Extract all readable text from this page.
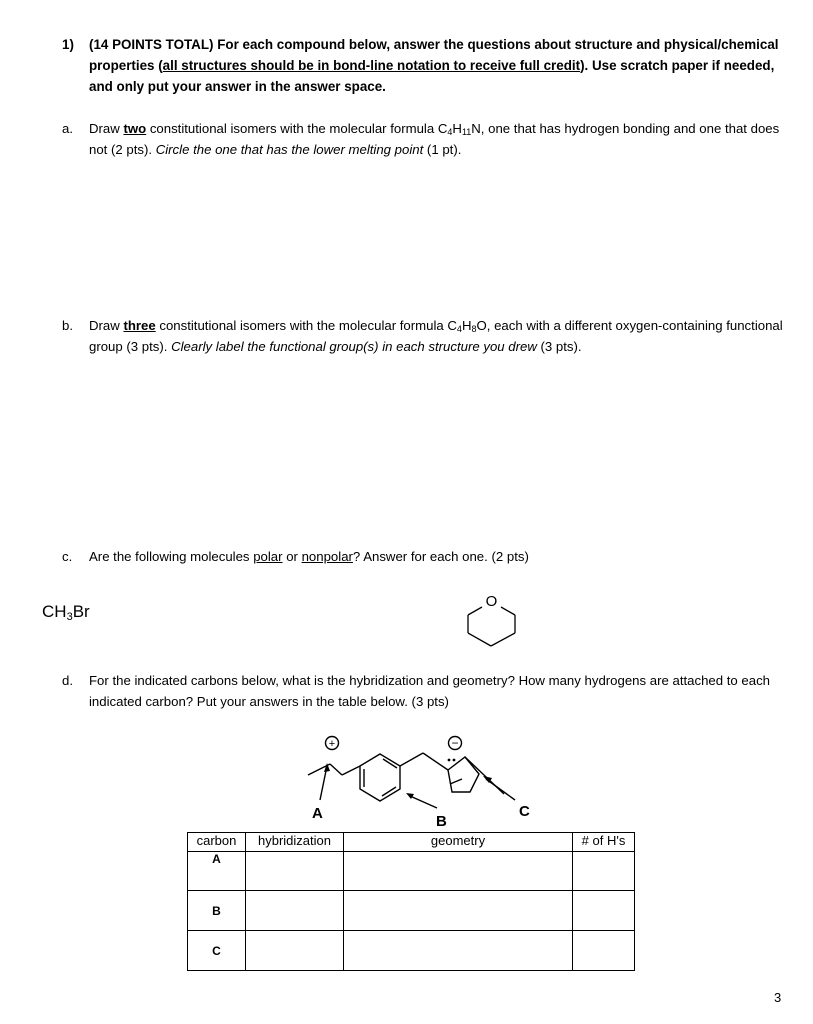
1) (14 POINTS TOTAL) For each compound below, answer the questions about structure and physical/chemical properties (all structures should be in bond-line notation to receive full credit). Use scratch paper if needed, and only put your answer in the answer space.
a. Draw two constitutional isomers with the molecular formula $C_4H_{11}N$, one that has hydrogen bonding and one that does not (2 pts). Circle the one that has the lower melting point (1 pt).
b. Draw three constitutional isomers with the molecular formula $C_4H_8O$, each with a different oxygen-containing functional group (3 pts). Clearly label the functional group(s) in each structure you drew (3 pts).
c. Are the following molecules polar or nonpolar? Answer for each one. (2 pts)
$CH_3Br$
O
d. For the indicated carbons below, what is the hybridization and geometry? How many hydrogens are attached to each indicated carbon? Put your answers in the table below. (3 pts)
+	−
A	B
C
carbon	hybridization	geometry	# of H's
A			
B			
C			
3
